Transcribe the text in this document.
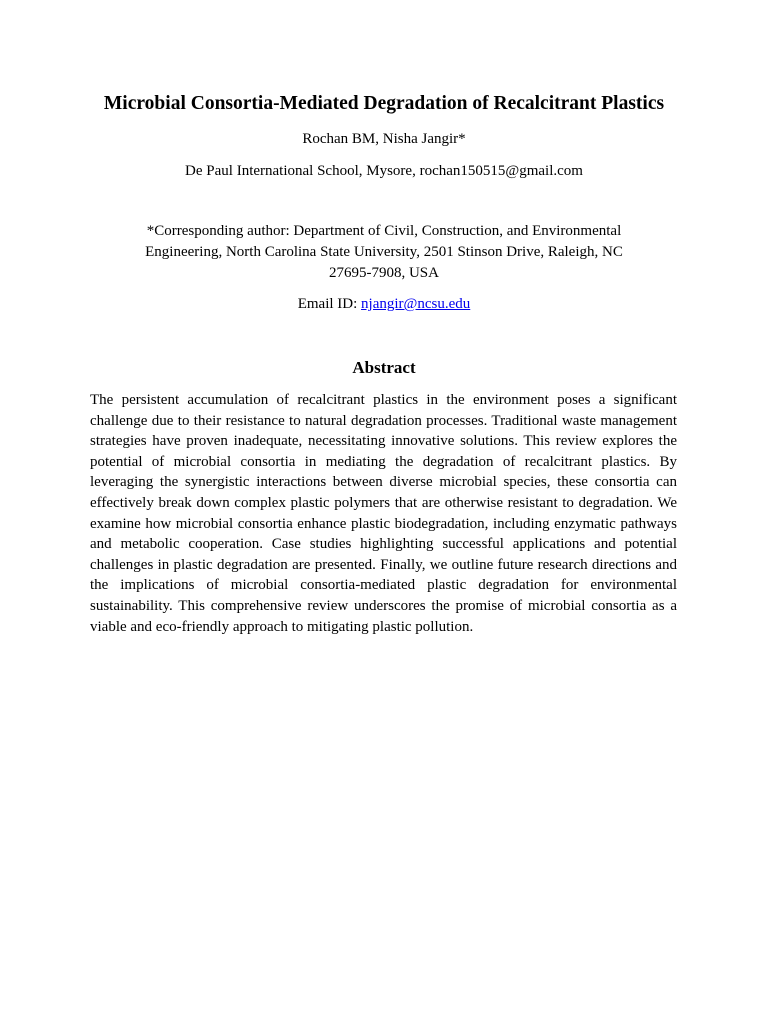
Microbial Consortia-Mediated Degradation of Recalcitrant Plastics

Rochan BM, Nisha Jangir*

De Paul International School, Mysore, rochan150515@gmail.com

*Corresponding author: Department of Civil, Construction, and Environmental Engineering, North Carolina State University, 2501 Stinson Drive, Raleigh, NC 27695-7908, USA

Email ID: njangir@ncsu.edu

Abstract

The persistent accumulation of recalcitrant plastics in the environment poses a significant challenge due to their resistance to natural degradation processes. Traditional waste management strategies have proven inadequate, necessitating innovative solutions. This review explores the potential of microbial consortia in mediating the degradation of recalcitrant plastics. By leveraging the synergistic interactions between diverse microbial species, these consortia can effectively break down complex plastic polymers that are otherwise resistant to degradation. We examine how microbial consortia enhance plastic biodegradation, including enzymatic pathways and metabolic cooperation. Case studies highlighting successful applications and potential challenges in plastic degradation are presented. Finally, we outline future research directions and the implications of microbial consortia-mediated plastic degradation for environmental sustainability. This comprehensive review underscores the promise of microbial consortia as a viable and eco-friendly approach to mitigating plastic pollution.
